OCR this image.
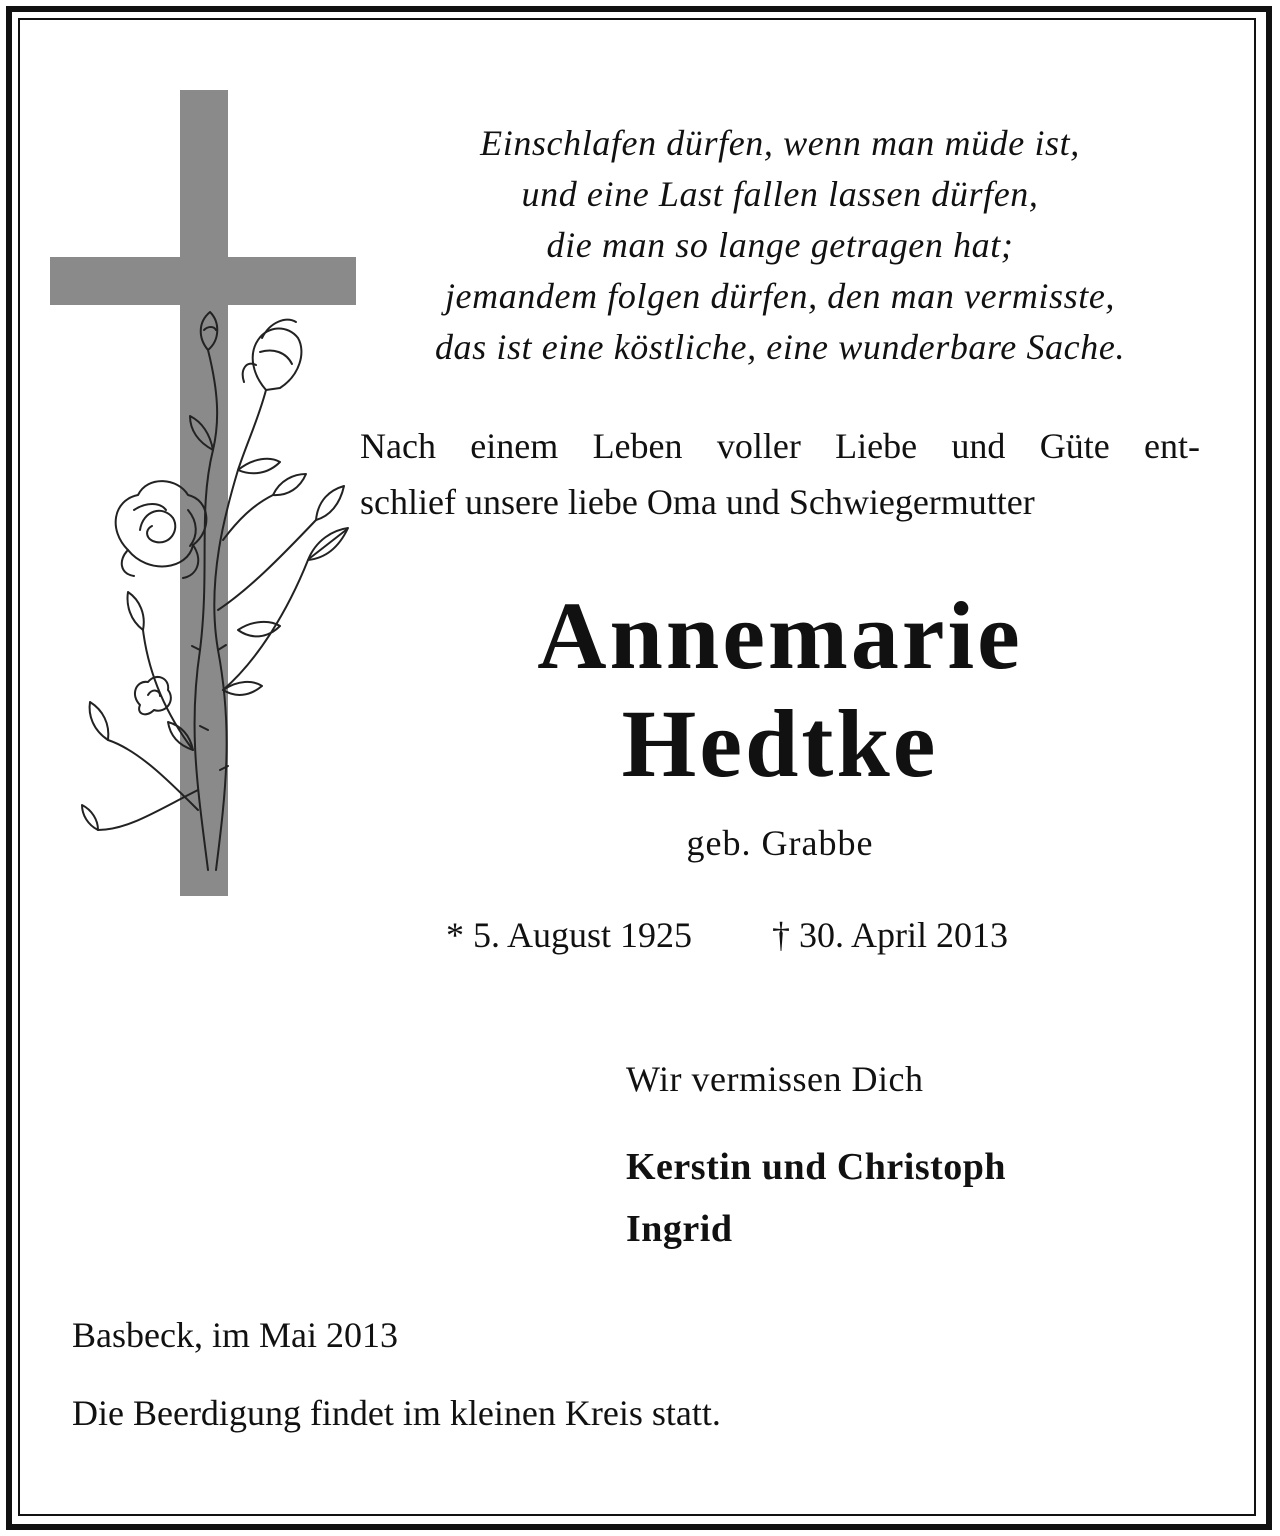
Einschlafen dürfen, wenn man müde ist,
und eine Last fallen lassen dürfen,
die man so lange getragen hat;
jemandem folgen dürfen, den man vermisste,
das ist eine köstliche, eine wunderbare Sache.
Nach einem Leben voller Liebe und Güte ent-
schlief unsere liebe Oma und Schwiegermutter
Annemarie
Hedtke
geb. Grabbe
* 5. August 1925 † 30. April 2013
Wir vermissen Dich
Kerstin und Christoph
Ingrid
Basbeck, im Mai 2013
Die Beerdigung findet im kleinen Kreis statt.
